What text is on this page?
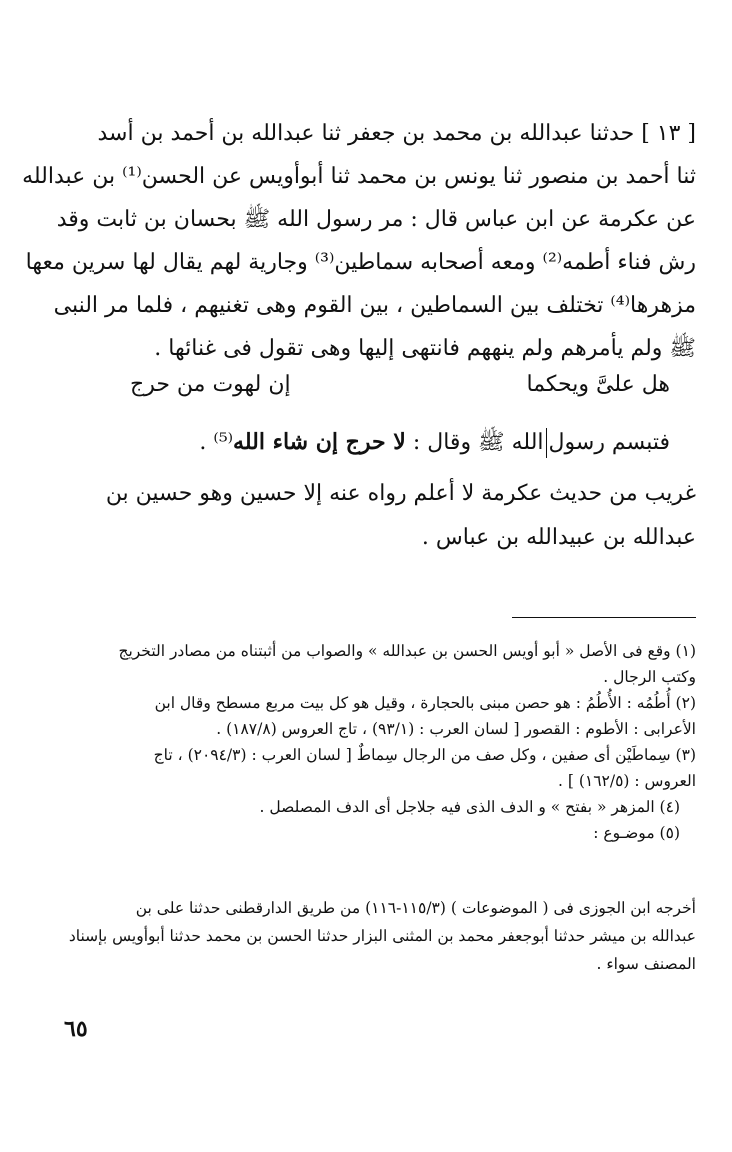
[ ١٣ ] حدثنا عبدالله بن محمد بن جعفر ثنا عبدالله بن أحمد بن أسد
ثنا أحمد بن منصور ثنا يونس بن محمد ثنا أبوأويس عن الحسن⁽¹⁾ بن عبدالله
عن عكرمة عن ابن عباس قال : مر رسول الله ﷺ بحسان بن ثابت وقد
رش فناء أطمه⁽²⁾ ومعه أصحابه سماطين⁽³⁾ وجارية لهم يقال لها سرين معها
مزهرها⁽⁴⁾ تختلف بين السماطين ، بين القوم وهى تغنيهم ، فلما مر النبى
ﷺ ولم يأمرهم ولم ينههم فانتهى إليها وهى تقول فى غنائها .
هل علىَّ ويحكما
إن لهوت من حرج
فتبسم رسولالله ﷺ وقال : لا حرج إن شاء الله⁽⁵⁾ .
غريب من حديث عكرمة لا أعلم رواه عنه إلا حسين وهو حسين بن
عبدالله بن عبيدالله بن عباس .
(١) وقع فى الأصل « أبو أويس الحسن بن عبدالله » والصواب من أثبتناه من مصادر التخريج
وكتب الرجال .
(٢) أُطُمُه : الأُطُمُ : هو حصن مبنى بالحجارة ، وقيل هو كل بيت مربع مسطح وقال ابن
الأعرابى : الأطوم : القصور [ لسان العرب : (٩٣/١) ، تاج العروس (١٨٧/٨) .
(٣) سِماطَيْن أى صفين ، وكل صف من الرجال سِماطٌ [ لسان العرب : (٢٠٩٤/٣) ، تاج
العروس : (١٦٢/٥) ] .
(٤) المزهر « بفتح » و الدف الذى فيه جلاجل أى الدف المصلصل .
(٥) موضـوع :
أخرجه ابن الجوزى فى ( الموضوعات ) (١١٥/٣-١١٦) من طريق الدارقطنى حدثنا على بن
عبدالله بن ميشر حدثنا أبوجعفر محمد بن المثنى البزار حدثنا الحسن بن محمد حدثنا أبوأويس بإسناد
المصنف سواء .
٦٥
